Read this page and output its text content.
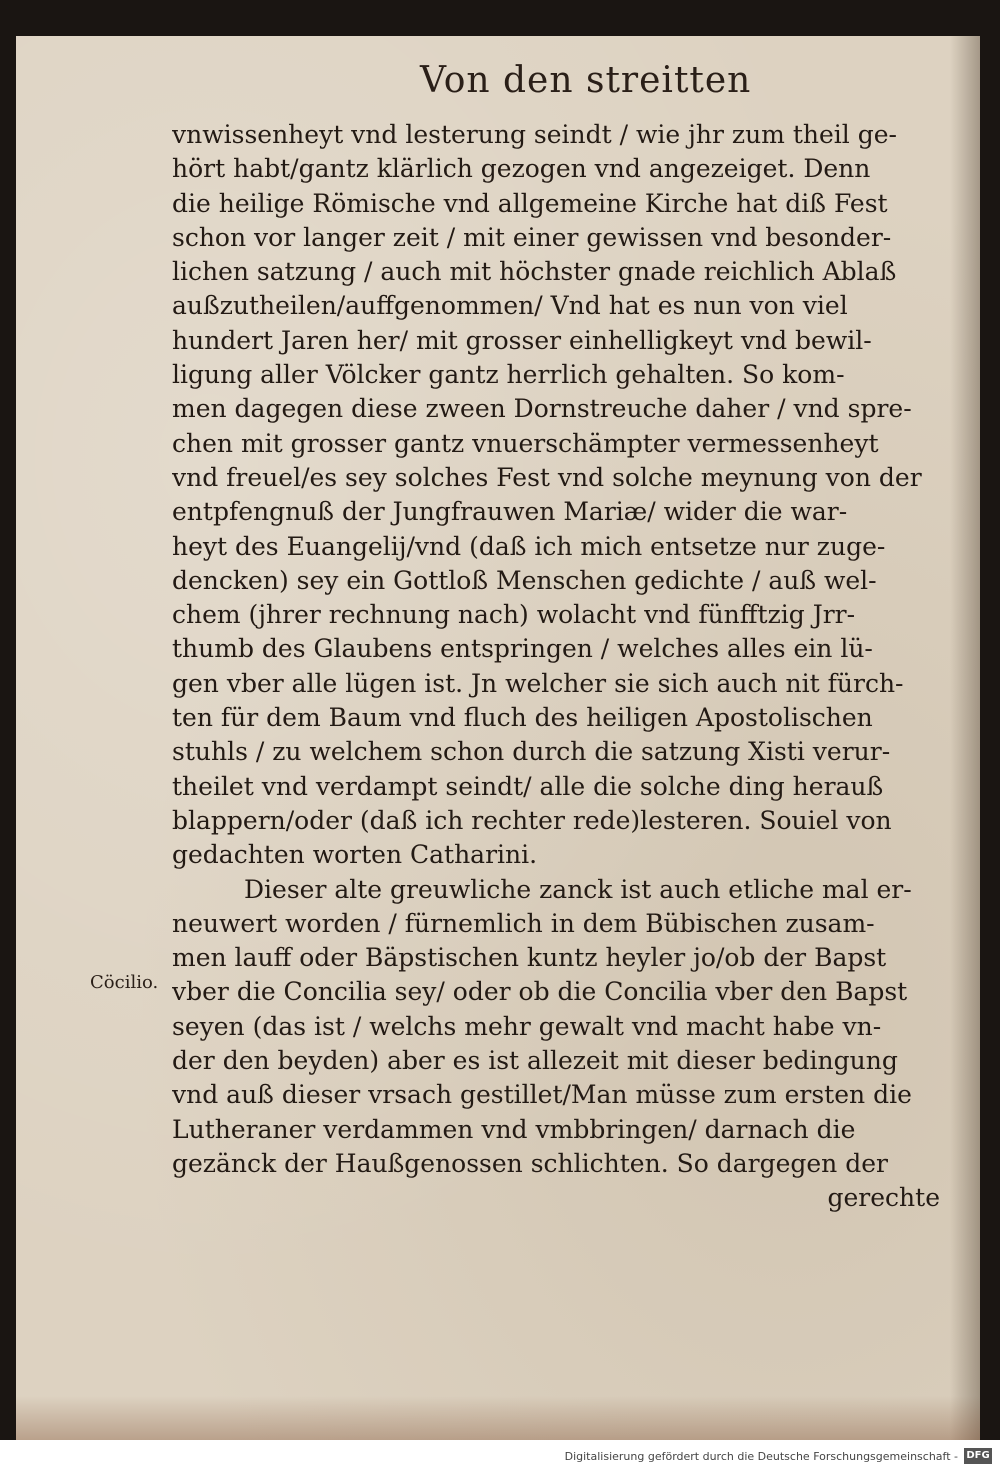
Von den streitten
vnwissenheyt vnd lesterung seindt / wie jhr zum theil ge-
hört habt/gantz klärlich gezogen vnd angezeiget. Denn
die heilige Römische vnd allgemeine Kirche hat diß Fest
schon vor langer zeit / mit einer gewissen vnd besonder-
lichen satzung / auch mit höchster gnade reichlich Ablaß
außzutheilen/auffgenommen/ Vnd hat es nun von viel
hundert Jaren her/ mit grosser einhelligkeyt vnd bewil-
ligung aller Völcker gantz herrlich gehalten. So kom-
men dagegen diese zween Dornstreuche daher / vnd spre-
chen mit grosser gantz vnuerschämpter vermessenheyt
vnd freuel/es sey solches Fest vnd solche meynung von der
entpfengnuß der Jungfrauwen Mariæ/ wider die war-
heyt des Euangelij/vnd (daß ich mich entsetze nur zuge-
dencken) sey ein Gottloß Menschen gedichte / auß wel-
chem (jhrer rechnung nach) wolacht vnd fünfftzig Jrr-
thumb des Glaubens entspringen / welches alles ein lü-
gen vber alle lügen ist. Jn welcher sie sich auch nit fürch-
ten für dem Baum vnd fluch des heiligen Apostolischen
stuhls / zu welchem schon durch die satzung Xisti verur-
theilet vnd verdampt seindt/ alle die solche ding herauß
blappern/oder (daß ich rechter rede)lesteren. Souiel von
gedachten worten Catharini.
Dieser alte greuwliche zanck ist auch etliche mal er-
neuwert worden / fürnemlich in dem Bübischen zusam-
men lauff oder Bäpstischen kuntz heyler jo/ob der Bapst
vber die Concilia sey/ oder ob die Concilia vber den Bapst
seyen (das ist / welchs mehr gewalt vnd macht habe vn-
der den beyden) aber es ist allezeit mit dieser bedingung
vnd auß dieser vrsach gestillet/Man müsse zum ersten die
Lutheraner verdammen vnd vmbbringen/ darnach die
gezänck der Haußgenossen schlichten. So dargegen der
gerechte
Cöcilio.
Digitalisierung gefördert durch die Deutsche Forschungsgemeinschaft - DFG
